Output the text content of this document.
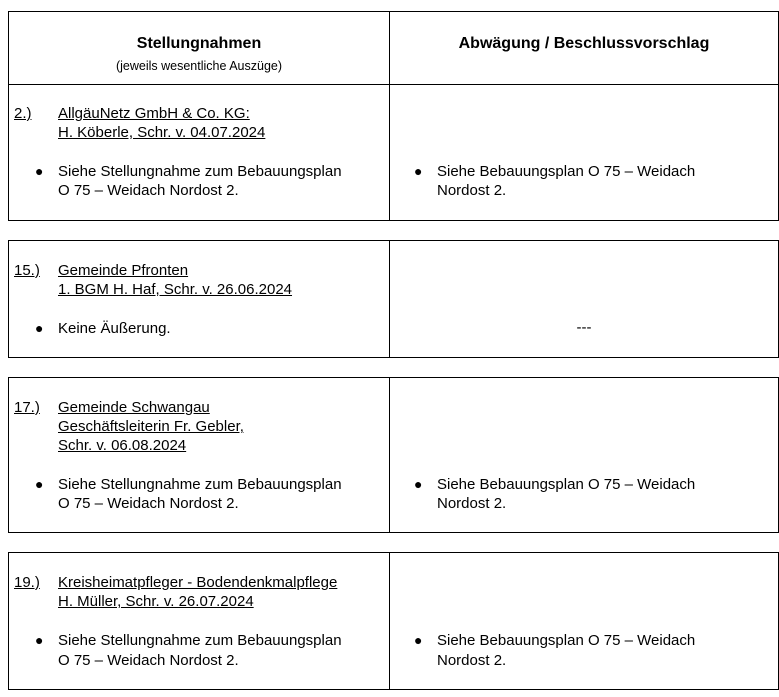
Stellungnahmen
(jeweils wesentliche Auszüge)
Abwägung / Beschlussvorschlag
2.) AllgäuNetz GmbH & Co. KG:
H. Köberle, Schr. v. 04.07.2024
● Siehe Stellungnahme zum Bebauungsplan
O 75 – Weidach Nordost 2.
● Siehe Bebauungsplan O 75 – Weidach
Nordost 2.
15.) Gemeinde Pfronten
1. BGM H. Haf, Schr. v. 26.06.2024
● Keine Äußerung.	---
17.) Gemeinde Schwangau
Geschäftsleiterin Fr. Gebler,
Schr. v. 06.08.2024
● Siehe Stellungnahme zum Bebauungsplan
O 75 – Weidach Nordost 2.
● Siehe Bebauungsplan O 75 – Weidach
Nordost 2.
19.) Kreisheimatpfleger - Bodendenkmalpflege
H. Müller, Schr. v. 26.07.2024
● Siehe Stellungnahme zum Bebauungsplan
O 75 – Weidach Nordost 2.
● Siehe Bebauungsplan O 75 – Weidach
Nordost 2.
